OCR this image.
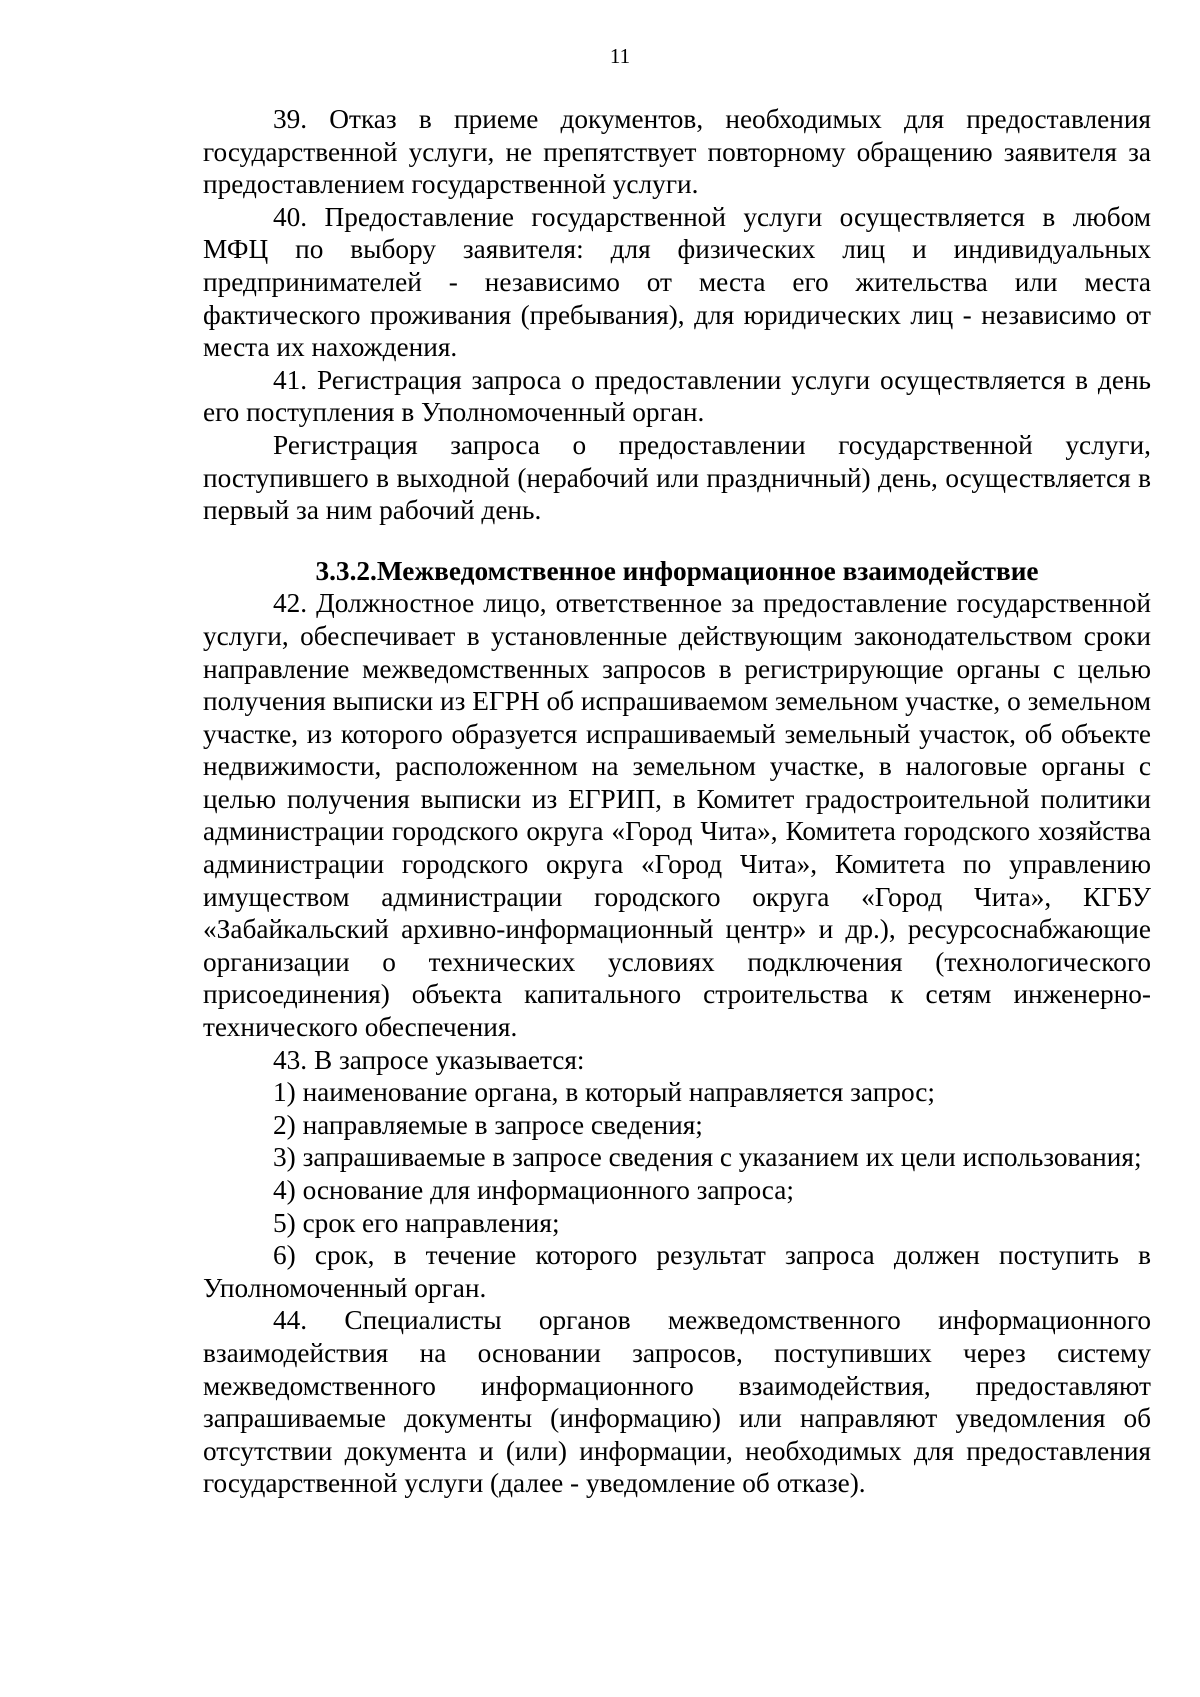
11

39. Отказ в приеме документов, необходимых для предоставления государственной услуги, не препятствует повторному обращению заявителя за предоставлением государственной услуги.

40. Предоставление государственной услуги осуществляется в любом МФЦ по выбору заявителя: для физических лиц и индивидуальных предпринимателей - независимо от места его жительства или места фактического проживания (пребывания), для юридических лиц - независимо от места их нахождения.

41. Регистрация запроса о предоставлении услуги осуществляется в день его поступления в Уполномоченный орган.

Регистрация запроса о предоставлении государственной услуги, поступившего в выходной (нерабочий или праздничный) день, осуществляется в первый за ним рабочий день.

3.3.2.Межведомственное информационное взаимодействие

42. Должностное лицо, ответственное за предоставление государственной услуги, обеспечивает в установленные действующим законодательством сроки направление межведомственных запросов в регистрирующие органы с целью получения выписки из ЕГРН об испрашиваемом земельном участке, о земельном участке, из которого образуется испрашиваемый земельный участок, об объекте недвижимости, расположенном на земельном участке, в налоговые органы с целью получения выписки из ЕГРИП, в Комитет градостроительной политики администрации городского округа «Город Чита», Комитета городского хозяйства администрации городского округа «Город Чита», Комитета по управлению имуществом администрации городского округа «Город Чита», КГБУ «Забайкальский архивно-информационный центр» и др.), ресурсоснабжающие организации о технических условиях подключения (технологического присоединения) объекта капитального строительства к сетям инженерно-технического обеспечения.

43. В запросе указывается:

1) наименование органа, в который направляется запрос;

2) направляемые в запросе сведения;

3) запрашиваемые в запросе сведения с указанием их цели использования;

4) основание для информационного запроса;

5) срок его направления;

6) срок, в течение которого результат запроса должен поступить в Уполномоченный орган.

44. Специалисты органов межведомственного информационного взаимодействия на основании запросов, поступивших через систему межведомственного информационного взаимодействия, предоставляют запрашиваемые документы (информацию) или направляют уведомления об отсутствии документа и (или) информации, необходимых для предоставления государственной услуги (далее - уведомление об отказе).
